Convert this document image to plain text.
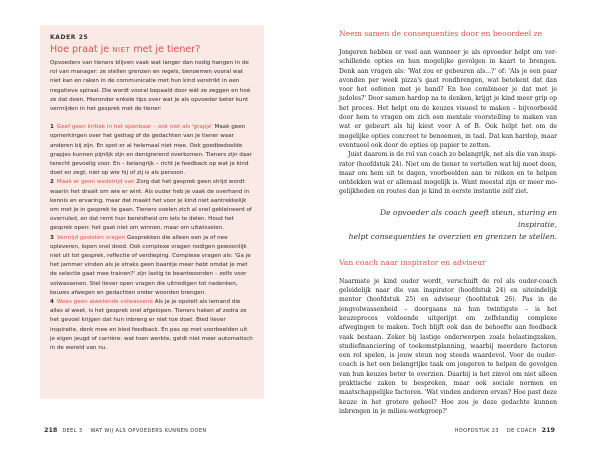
KADER 25
Hoe praat je NIET met je tiener?

Opvoeders van tieners blijven vaak wat langer dan nodig hangen in de rol van manager: ze stellen grenzen en regels, benoemen vooral wat niet kan en raken in de communicatie met hun kind verstrikt in een negatieve spiraal. Die wordt vooral bepaald door wát ze zeggen en hoé ze dat doen. Hieronder enkele tips over wat je als opvoeder beter kunt vermijden in het gesprek met de tiener:

1 Geef geen kritiek in het openbaar – ook niet als 'grapje' Maak geen opmerkingen over het gedrag of de gedachten van je tiener waar anderen bij zijn. En spot er al helemaal niet mee. Ook goedbedoelde grapjes kunnen pijnlijk zijn en denigrerend overkomen. Tieners zijn daar terecht gevoelig voor. En – belangrijk – richt je feedback op wat je kind doet en zegt, niet op wie hij of zij is als persoon.

2 Maak er geen wedstrijd van Zorg dat het gesprek geen strijd wordt waarin het draait om wie er wint. Als ouder heb je vaak de overhand in kennis en ervaring, maar dat maakt het voor je kind niet aantrekkelijk om met je in gesprek te gaan. Tieners voelen zich al snel gekleineerd of overruled, en dat remt hun bereidheid om iets te delen. Houd het gesprek open: het gaat niet om winnen, maar om uitwisselen.

3 Vermijd gesloten vragen Gesprekken die alleen een ja of nee opleveren, lopen snel dood. Ook complexe vragen nodigen gewoonlijk niet uit tot gesprek, reflectie of verdieping. Complexe vragen als: 'Ga je het jammer vinden als je straks geen baantje meer hebt omdat je met de selectie gaat mee trainen?' zijn lastig te beantwoorden – zelfs voor volwassenen. Stel liever open vragen die uitnodigen tot nadenken, keuzes afwegen en gedachten onder woorden brengen.

4 Wees geen alwetende volwassene Als je je opstelt als iemand die alles al weet, is het gesprek snel afgelopen. Tieners haken af zodra ze het gevoel krijgen dat hun inbreng er niet toe doet. Bied liever inspiratie, denk mee en bied feedback. En pas op met voorbeelden uit je eigen jeugd of carrière: wat toen werkte, geldt niet meer automatisch in de wereld van nu.

218 DEEL 3 WAT WIJ ALS OPVOEDERS KUNNEN DOEN
Neem samen de consequenties door en beoordeel ze

Jongeren hebben er veel aan wanneer je als opvoeder helpt om verschillende opties en hun mogelijke gevolgen in kaart te brengen. Denk aan vragen als: 'Wat zou er gebeuren als...?' of: 'Als je een paar avonden per week pizza's gaat rondbrengen, wat betekent dat dan voor het oefenen met je band? En hoe combineer je dat met je judoles?' Door samen hardop na te denken, krijgt je kind meer grip op het proces. Het helpt om de keuzes visueel te maken – bijvoorbeeld door hem te vragen om zich een mentale voorstelling te maken van wat er gebeurt als hij kiest voor A of B. Ook helpt het om de mogelijke opties concreet te benoemen, in taal. Dat kan hardop, maar eventueel ook door de opties op papier te zetten.

Juist daarom is de rol van coach zo belangrijk, net als die van inspirator (hoofdstuk 24). Niet om de tiener te vertellen wat hij moet doen, maar om hem uit te dagen, voorbeelden aan te reiken en te helpen ontdekken wat er allemaal mogelijk is. Want meestal zijn er meer mogelijkheden en routes dan je kind in eerste instantie zelf ziet.

De opvoeder als coach geeft steun, sturing en inspiratie,
helpt consequenties te overzien en grenzen te stellen.
Van coach naar inspirator en adviseur

Naarmate je kind ouder wordt, verschuift de rol als ouder-coach geleidelijk naar die van inspirator (hoofdstuk 24) en uiteindelijk mentor (hoofdstuk 25) en adviseur (hoofdstuk 26). Pas in de jongvolwassenheid – doorgaans ná hun twintigste – is het keuzeproces voldoende uitgerijpt om zelfstandig complexe afwegingen te maken. Toch blijft ook dan de behoefte aan feedback vaak bestaan. Zeker bij lastige onderwerpen zoals belastingzaken, studiefinanciering of toekomstplanning, waarbij meerdere factoren een rol spelen, is jouw steun nog steeds waardevol. Voor de ouder-coach is het een belangrijke taak om jongeren te helpen de gevolgen van hun keuzes beter te overzien. Daarbij is het zinvol om niet alleen praktische zaken te bespreken, maar ook sociale normen en maatschappelijke factoren. 'Wat vinden anderen ervan? Hoe past deze keuze in het grotere geheel? Hoe zou je deze gedachte kunnen inbrengen in je milieu-werkgroep?'

HOOFDSTUK 23 DE COACH 219
